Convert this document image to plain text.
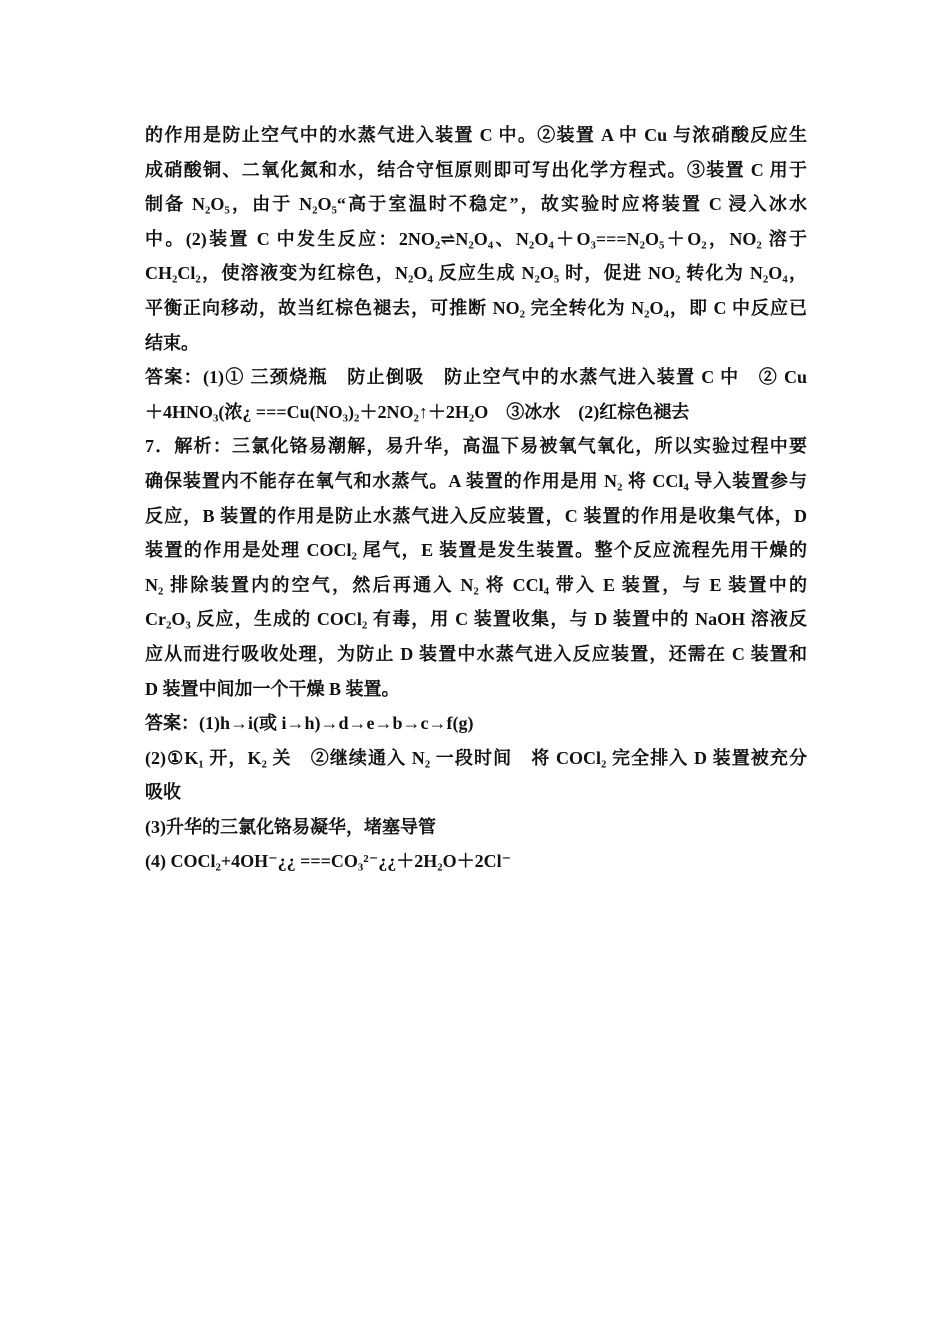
的作用是防止空气中的水蒸气进入装置 C 中。②装置 A 中 Cu 与浓硝酸反应生
成硝酸铜、二氧化氮和水，结合守恒原则即可写出化学方程式。③装置 C 用于
制备 N₂O₅，由于 N₂O₅“高于室温时不稳定”，故实验时应将装置 C 浸入冰水
中。(2)装置 C 中发生反应：2NO₂⇌N₂O₄、N₂O₄＋O₃===N₂O₅＋O₂，NO₂ 溶于
CH₂Cl₂，使溶液变为红棕色，N₂O₄ 反应生成 N₂O₅ 时，促进 NO₂ 转化为 N₂O₄，
平衡正向移动，故当红棕色褪去，可推断 NO₂ 完全转化为 N₂O₄，即 C 中反应已
结束。
答案：(1)① 三颈烧瓶　防止倒吸　防止空气中的水蒸气进入装置 C 中　② Cu
＋4HNO₃(浓¿ ===Cu(NO₃)₂＋2NO₂↑＋2H₂O　③冰水　(2)红棕色褪去
7．解析：三氯化铬易潮解，易升华，高温下易被氧气氧化，所以实验过程中要
确保装置内不能存在氧气和水蒸气。A 装置的作用是用 N₂ 将 CCl₄ 导入装置参与
反应，B 装置的作用是防止水蒸气进入反应装置，C 装置的作用是收集气体，D
装置的作用是处理 COCl₂ 尾气，E 装置是发生装置。整个反应流程先用干燥的
N₂ 排除装置内的空气，然后再通入 N₂ 将 CCl₄ 带入 E 装置，与 E 装置中的
Cr₂O₃ 反应，生成的 COCl₂ 有毒，用 C 装置收集，与 D 装置中的 NaOH 溶液反
应从而进行吸收处理，为防止 D 装置中水蒸气进入反应装置，还需在 C 装置和
D 装置中间加一个干燥 B 装置。
答案：(1)h→i(或 i→h)→d→e→b→c→f(g)
(2)①K₁ 开，K₂ 关　②继续通入 N₂ 一段时间　将 COCl₂ 完全排入 D 装置被充分
吸收
(3)升华的三氯化铬易凝华，堵塞导管
(4) COCl₂+4OH⁻¿¿ ===CO₃²⁻¿¿＋2H₂O＋2Cl⁻
